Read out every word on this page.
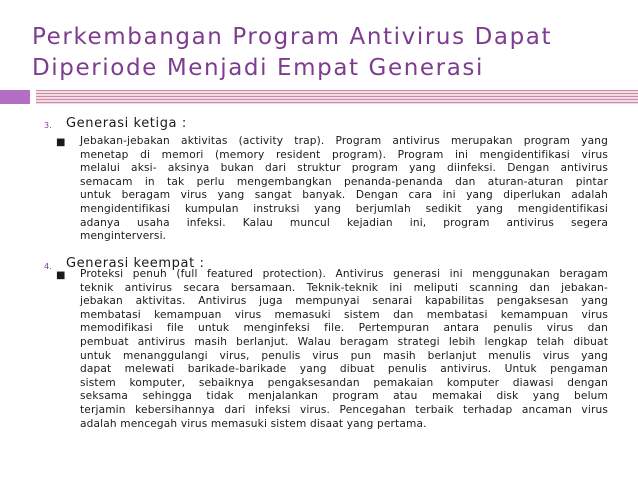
Perkembangan Program Antivirus Dapat
Diperiode Menjadi Empat Generasi
3. Generasi ketiga :
■ Jebakan-jebakan aktivitas (activity trap). Program antivirus merupakan program yang
menetap di memori (memory resident program). Program ini mengidentifikasi virus
melalui aksi- aksinya bukan dari struktur program yang diinfeksi. Dengan antivirus
semacam in tak perlu mengembangkan penanda-penanda dan aturan-aturan pintar
untuk beragam virus yang sangat banyak. Dengan cara ini yang diperlukan adalah
mengidentifikasi kumpulan instruksi yang berjumlah sedikit yang mengidentifikasi
adanya usaha infeksi. Kalau muncul kejadian ini, program antivirus segera
menginterversi.
4. Generasi keempat :
■ Proteksi penuh (full featured protection). Antivirus generasi ini menggunakan beragam
teknik antivirus secara bersamaan. Teknik-teknik ini meliputi scanning dan jebakan-
jebakan aktivitas. Antivirus juga mempunyai senarai kapabilitas pengaksesan yang
membatasi kemampuan virus memasuki sistem dan membatasi kemampuan virus
memodifikasi file untuk menginfeksi file. Pertempuran antara penulis virus dan
pembuat antivirus masih berlanjut. Walau beragam strategi lebih lengkap telah dibuat
untuk menanggulangi virus, penulis virus pun masih berlanjut menulis virus yang
dapat melewati barikade-barikade yang dibuat penulis antivirus. Untuk pengaman
sistem komputer, sebaiknya pengaksesandan pemakaian komputer diawasi dengan
seksama sehingga tidak menjalankan program atau memakai disk yang belum
terjamin kebersihannya dari infeksi virus. Pencegahan terbaik terhadap ancaman virus
adalah mencegah virus memasuki sistem disaat yang pertama.
